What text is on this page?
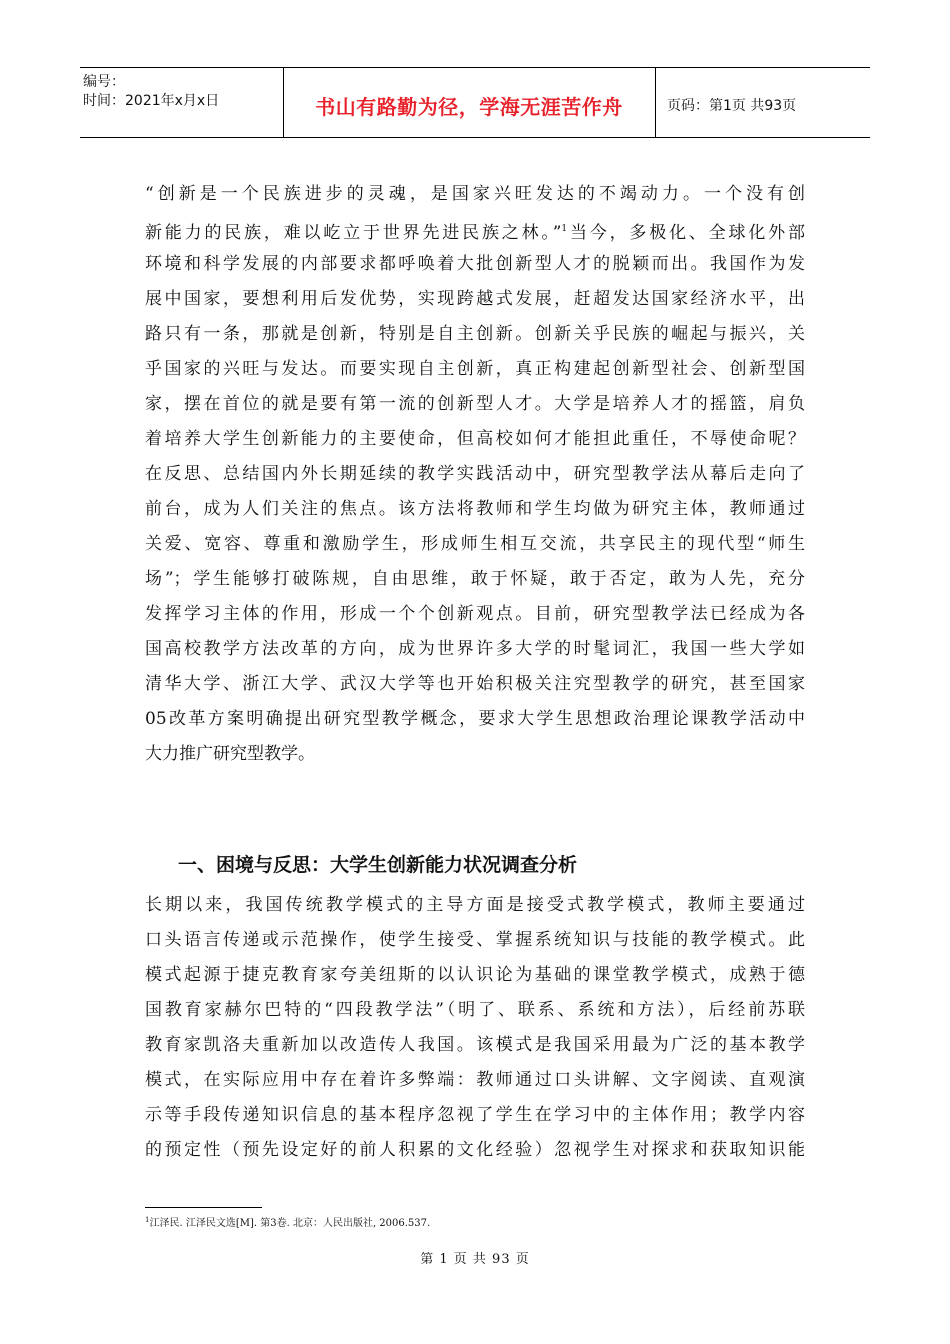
编号：
时间：2021年x月x日	书山有路勤为径，学海无涯苦作舟	页码：第1页 共93页
“创新是一个民族进步的灵魂，是国家兴旺发达的不竭动力。一个没有创
新能力的民族，难以屹立于世界先进民族之林。”$^1$当今，多极化、全球化外部
环境和科学发展的内部要求都呼唤着大批创新型人才的脱颖而出。我国作为发
展中国家，要想利用后发优势，实现跨越式发展，赶超发达国家经济水平，出
路只有一条，那就是创新，特别是自主创新。创新关乎民族的崛起与振兴，关
乎国家的兴旺与发达。而要实现自主创新，真正构建起创新型社会、创新型国
家，摆在首位的就是要有第一流的创新型人才。大学是培养人才的摇篮，肩负
着培养大学生创新能力的主要使命，但高校如何才能担此重任，不辱使命呢？
在反思、总结国内外长期延续的教学实践活动中，研究型教学法从幕后走向了
前台，成为人们关注的焦点。该方法将教师和学生均做为研究主体，教师通过
关爱、宽容、尊重和激励学生，形成师生相互交流，共享民主的现代型“师生
场”；学生能够打破陈规，自由思维，敢于怀疑，敢于否定，敢为人先，充分
发挥学习主体的作用，形成一个个创新观点。目前，研究型教学法已经成为各
国高校教学方法改革的方向，成为世界许多大学的时髦词汇，我国一些大学如
清华大学、浙江大学、武汉大学等也开始积极关注究型教学的研究，甚至国家
05改革方案明确提出研究型教学概念，要求大学生思想政治理论课教学活动中
大力推广研究型教学。
一、困境与反思：大学生创新能力状况调查分析
长期以来，我国传统教学模式的主导方面是接受式教学模式，教师主要通过
口头语言传递或示范操作，使学生接受、掌握系统知识与技能的教学模式。此
模式起源于捷克教育家夸美纽斯的以认识论为基础的课堂教学模式，成熟于德
国教育家赫尔巴特的“四段教学法”（明了、联系、系统和方法），后经前苏联
教育家凯洛夫重新加以改造传人我国。该模式是我国采用最为广泛的基本教学
模式，在实际应用中存在着许多弊端：教师通过口头讲解、文字阅读、直观演
示等手段传递知识信息的基本程序忽视了学生在学习中的主体作用；教学内容
的预定性（预先设定好的前人积累的文化经验）忽视学生对探求和获取知识能
$^1$江泽民. 江泽民文选[M]. 第3卷. 北京：人民出版社, 2006.537.
第 1 页 共 93 页
